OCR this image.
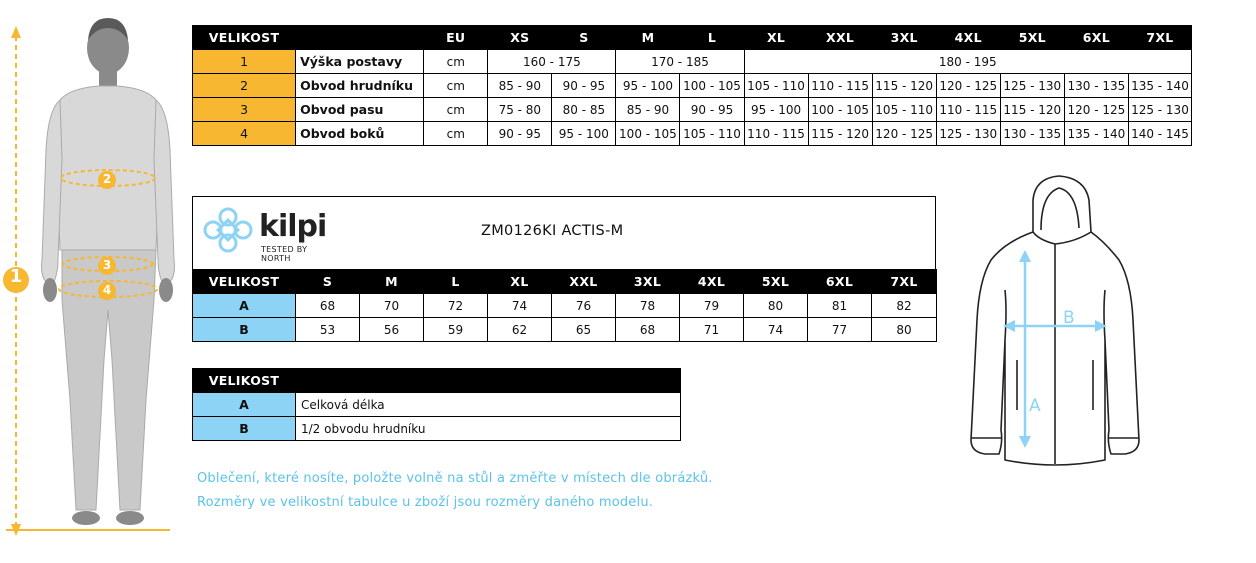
1
2
3
4
VELIKOST		EU	XS	S	M	L	XL	XXL	3XL	4XL	5XL	6XL	7XL
1	Výška postavy	cm	160 - 175		170 - 185		180 - 195						
2	Obvod hrudníku	cm	85 - 90	90 - 95	95 - 100	100 - 105	105 - 110	110 - 115	115 - 120	120 - 125	125 - 130	130 - 135	135 - 140
3	Obvod pasu	cm	75 - 80	80 - 85	85 - 90	90 - 95	95 - 100	100 - 105	105 - 110	110 - 115	115 - 120	120 - 125	125 - 130
4	Obvod boků	cm	90 - 95	95 - 100	100 - 105	105 - 110	110 - 115	115 - 120	120 - 125	125 - 130	130 - 135	135 - 140	140 - 145
kilpi
TESTED BY NORTH
ZM0126KI ACTIS-M
VELIKOST	S	M	L	XL	XXL	3XL	4XL	5XL	6XL	7XL
A	68	70	72	74	76	78	79	80	81	82
B	53	56	59	62	65	68	71	74	77	80
VELIKOST	
A	Celková délka
B	1/2 obvodu hrudníku
Oblečení, které nosíte, položte volně na stůl a změřte v místech dle obrázků.
Rozměry ve velikostní tabulce u zboží jsou rozměry daného modelu.
A
B
